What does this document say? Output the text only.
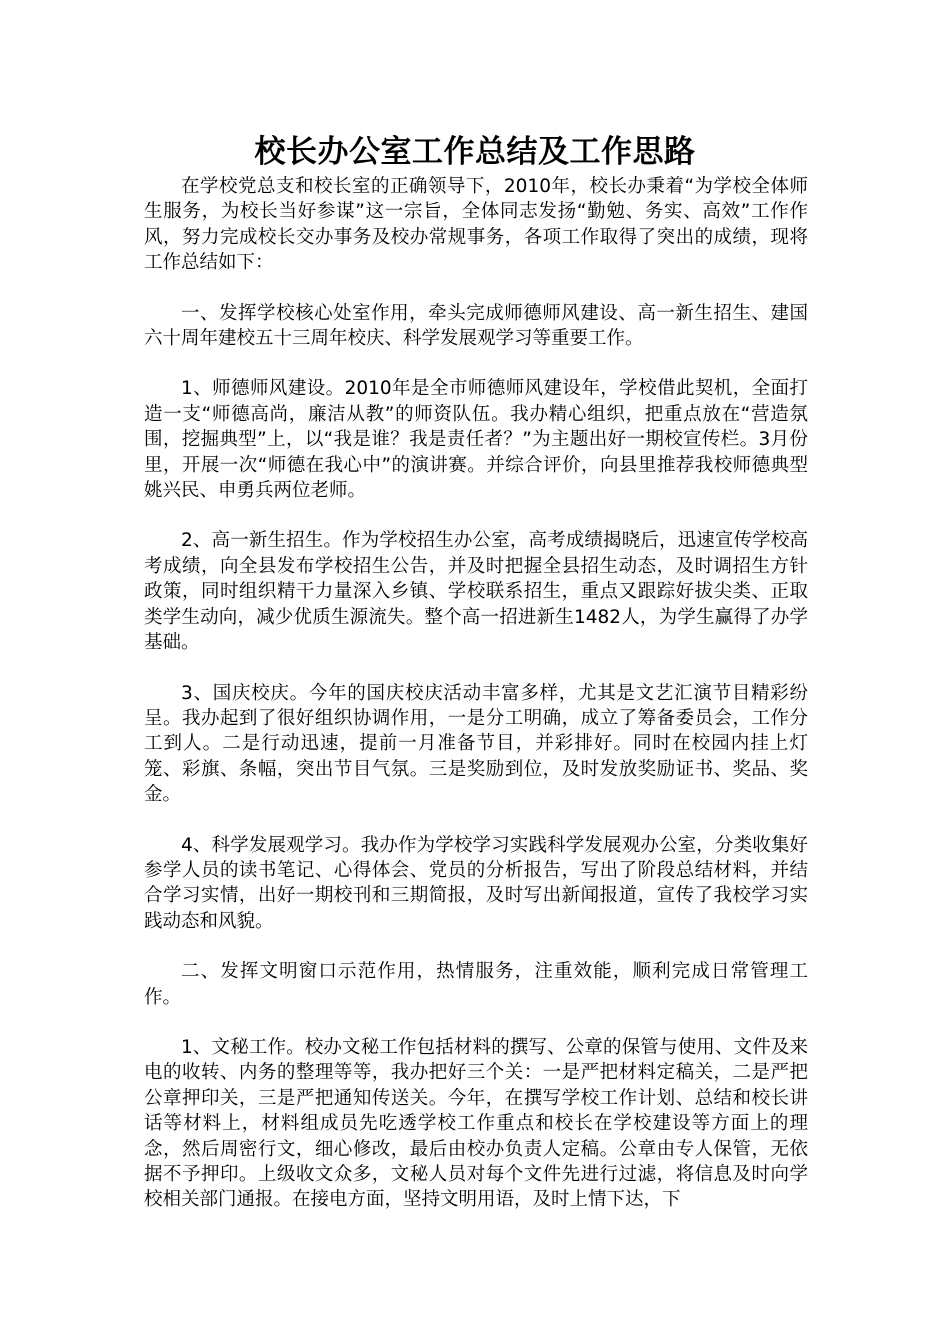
校长办公室工作总结及工作思路

在学校党总支和校长室的正确领导下，2010年，校长办秉着“为学校全体师生服务，为校长当好参谋”这一宗旨，全体同志发扬“勤勉、务实、高效”工作作风，努力完成校长交办事务及校办常规事务，各项工作取得了突出的成绩，现将工作总结如下：

一、发挥学校核心处室作用，牵头完成师德师风建设、高一新生招生、建国六十周年建校五十三周年校庆、科学发展观学习等重要工作。

1、师德师风建设。2010年是全市师德师风建设年，学校借此契机，全面打造一支“师德高尚，廉洁从教”的师资队伍。我办精心组织，把重点放在“营造氛围，挖掘典型”上，以“我是谁？我是责任者？”为主题出好一期校宣传栏。3月份里，开展一次“师德在我心中”的演讲赛。并综合评价，向县里推荐我校师德典型姚兴民、申勇兵两位老师。

2、高一新生招生。作为学校招生办公室，高考成绩揭晓后，迅速宣传学校高考成绩，向全县发布学校招生公告，并及时把握全县招生动态，及时调招生方针政策，同时组织精干力量深入乡镇、学校联系招生，重点又跟踪好拔尖类、正取类学生动向，减少优质生源流失。整个高一招进新生1482人，为学生赢得了办学基础。

3、国庆校庆。今年的国庆校庆活动丰富多样，尤其是文艺汇演节目精彩纷呈。我办起到了很好组织协调作用，一是分工明确，成立了筹备委员会，工作分工到人。二是行动迅速，提前一月准备节目，并彩排好。同时在校园内挂上灯笼、彩旗、条幅，突出节目气氛。三是奖励到位，及时发放奖励证书、奖品、奖金。

4、科学发展观学习。我办作为学校学习实践科学发展观办公室，分类收集好参学人员的读书笔记、心得体会、党员的分析报告，写出了阶段总结材料，并结合学习实情，出好一期校刊和三期简报，及时写出新闻报道，宣传了我校学习实践动态和风貌。

二、发挥文明窗口示范作用，热情服务，注重效能，顺利完成日常管理工作。

1、文秘工作。校办文秘工作包括材料的撰写、公章的保管与使用、文件及来电的收转、内务的整理等等，我办把好三个关：一是严把材料定稿关，二是严把公章押印关，三是严把通知传送关。今年，在撰写学校工作计划、总结和校长讲话等材料上，材料组成员先吃透学校工作重点和校长在学校建设等方面上的理念，然后周密行文，细心修改，最后由校办负责人定稿。公章由专人保管，无依据不予押印。上级收文众多，文秘人员对每个文件先进行过滤，将信息及时向学校相关部门通报。在接电方面，坚持文明用语，及时上情下达，下
